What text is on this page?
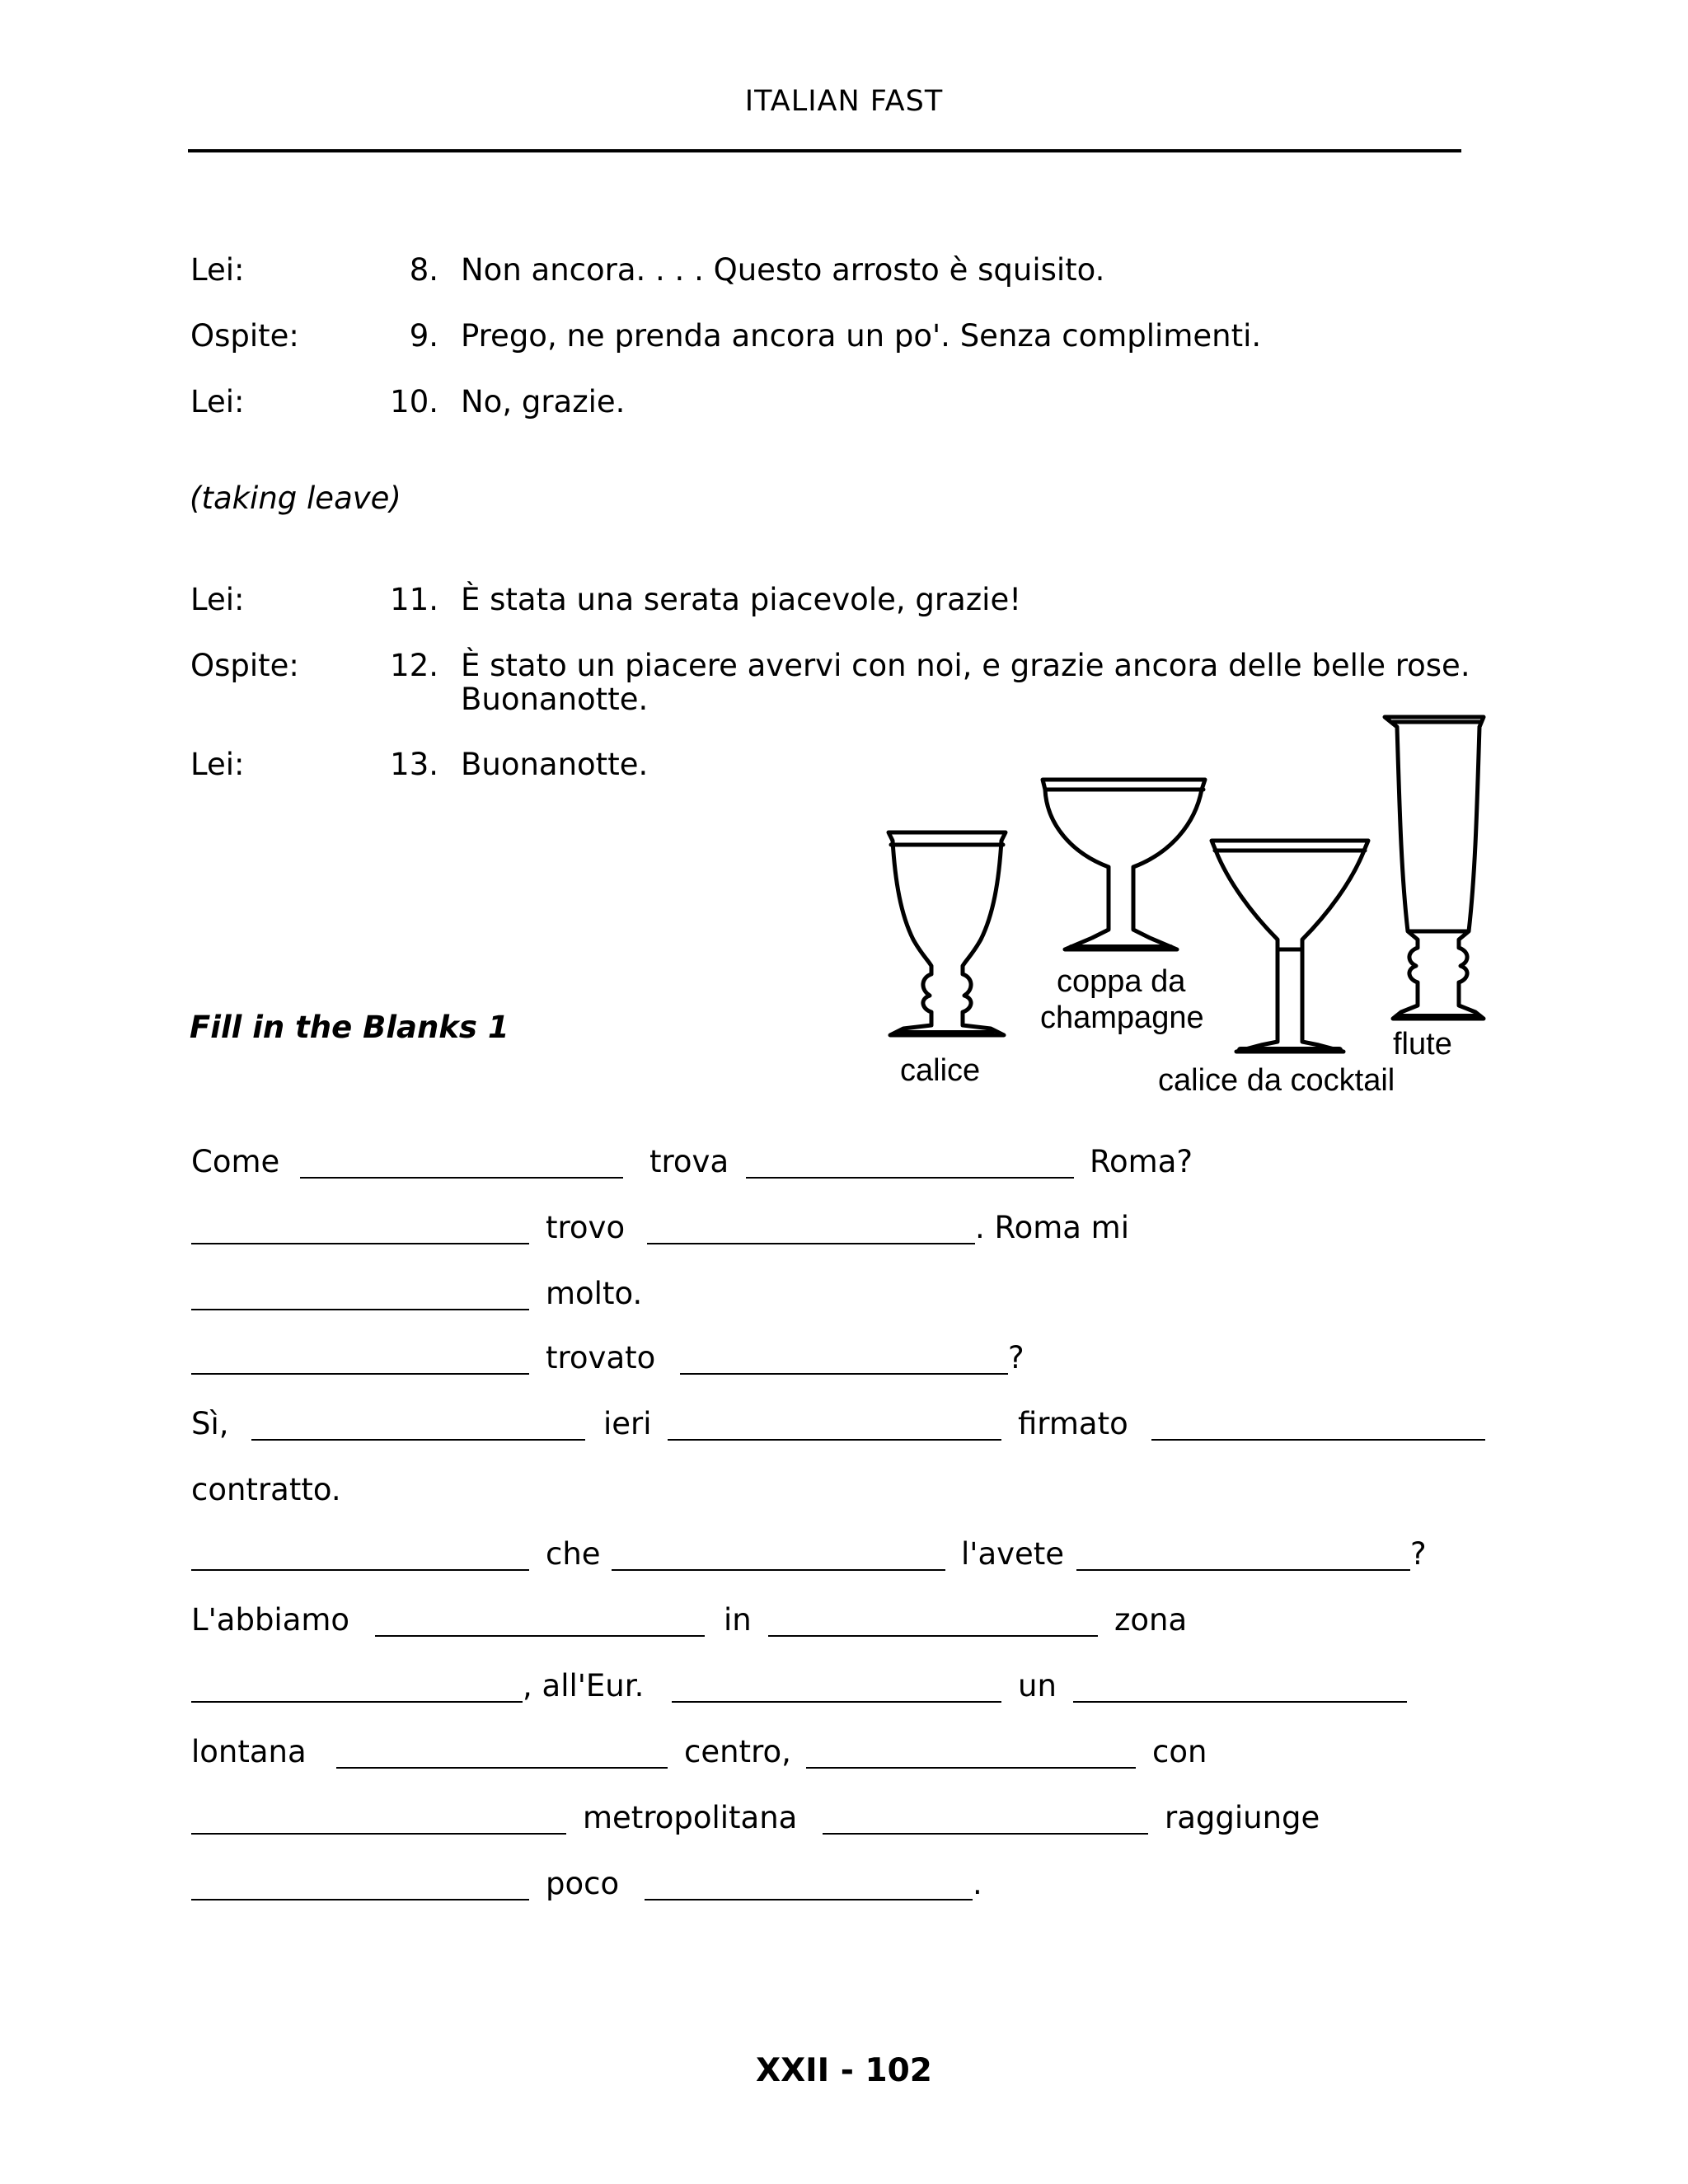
ITALIAN FAST
Lei:	8. Non ancora. . . . Questo arrosto è squisito.
Ospite:	9. Prego, ne prenda ancora un po'. Senza complimenti.
Lei:	10. No, grazie.
(taking leave)
Lei:	11. È stata una serata piacevole, grazie!
Ospite:	12. È stato un piacere avervi con noi, e grazie ancora delle belle rose.
Buonanotte.
Lei:	13. Buonanotte.
calice
coppa da
champagne
flute
calice da cocktail
Fill in the Blanks 1
Come	trova	Roma?
trovo	. Roma mi
molto.
trovato	?
Sì,	ieri	firmato
contratto.
che	l'avete	?
L'abbiamo	in	zona
, all'Eur.	un
lontana	centro,	con
metropolitana	raggiunge
poco	.
XXII - 102
